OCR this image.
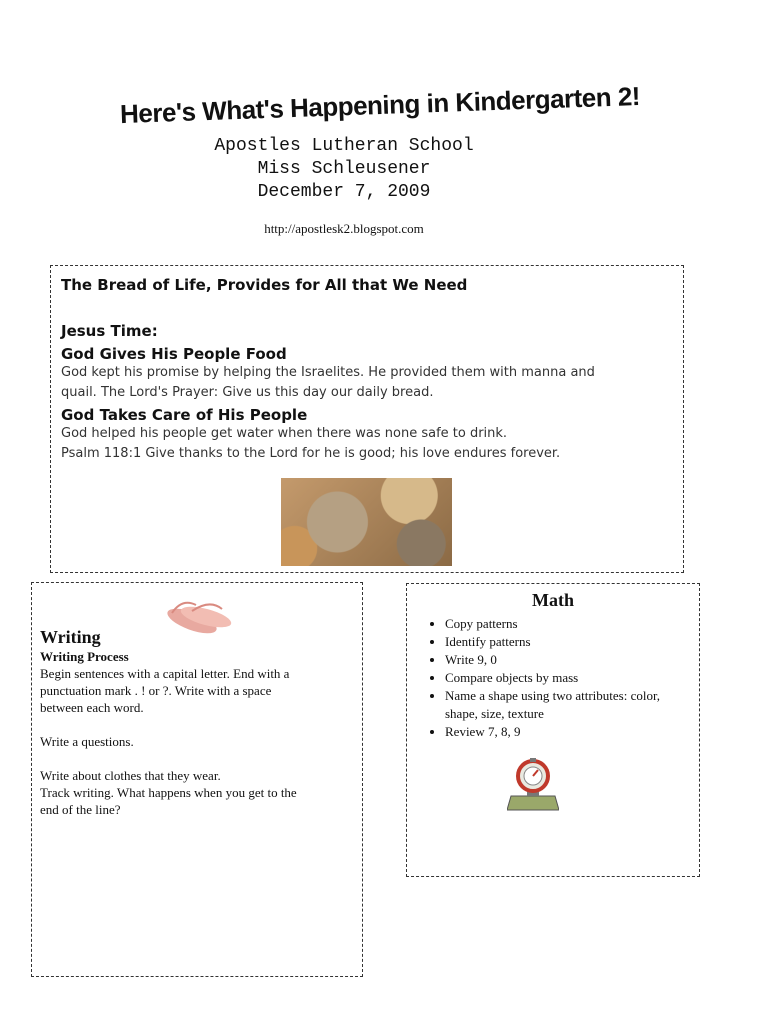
Here's What's Happening in Kindergarten 2!
Apostles Lutheran School
Miss Schleusener
December 7, 2009
http://apostlesk2.blogspot.com

The Bread of Life, Provides for All that We Need

Jesus Time:

God Gives His People Food

God kept his promise by helping the Israelites. He provided them with manna and

quail. The Lord's Prayer: Give us this day our daily bread.

God Takes Care of His People

God helped his people get water when there was none safe to drink.

Psalm 118:1 Give thanks to the Lord for he is good; his love endures forever.

Writing
Writing Process

Begin sentences with a capital letter. End with a

punctuation mark . ! or ?. Write with a space

between each word.

Write a questions.

Write about clothes that they wear.

Track writing. What happens when you get to the

end of the line?

Math

• Copy patterns
• Identify patterns
• Write 9, 0
• Compare objects by mass
• Name a shape using two attributes: color, shape, size, texture
• Review 7, 8, 9
